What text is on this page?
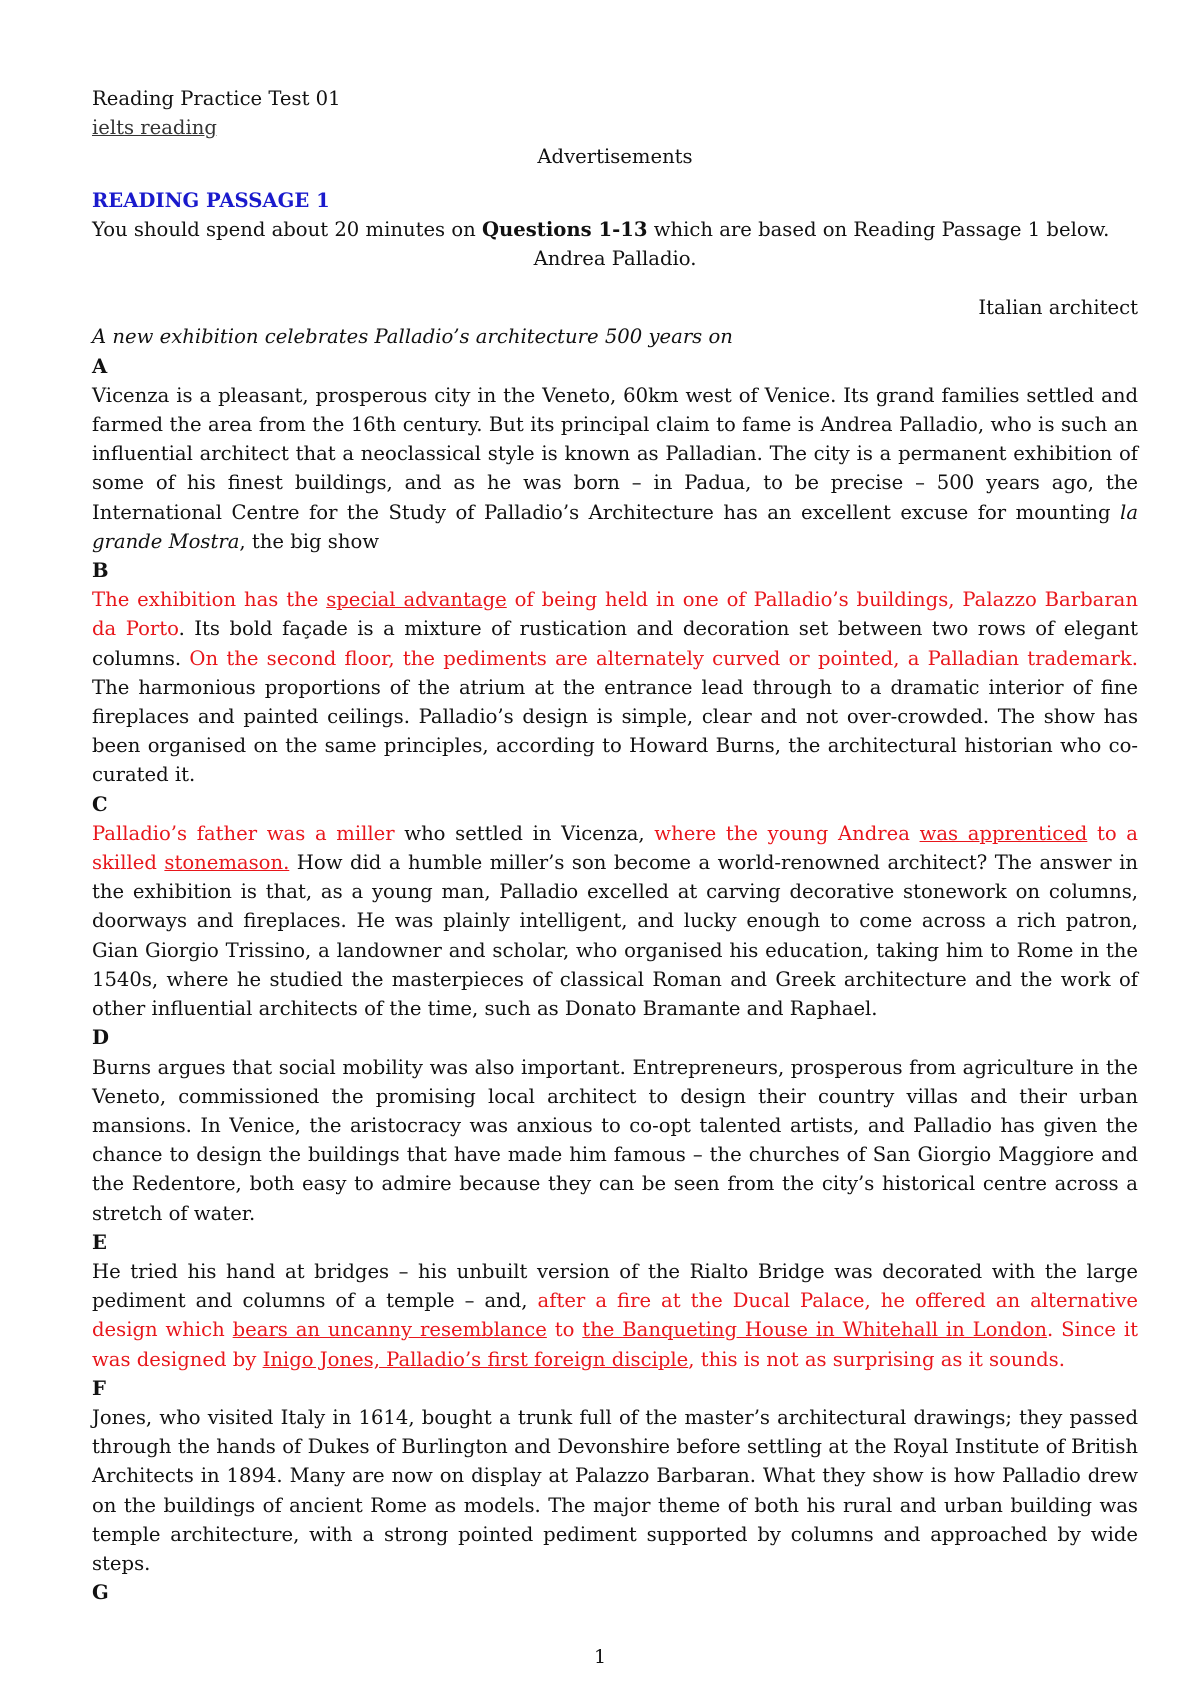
Reading Practice Test 01
ielts reading
Advertisements
READING PASSAGE 1
You should spend about 20 minutes on Questions 1-13 which are based on Reading Passage 1 below.
Andrea Palladio.
Italian architect
A new exhibition celebrates Palladio’s architecture 500 years on
A

Vicenza is a pleasant, prosperous city in the Veneto, 60km west of Venice. Its grand families settled and farmed the area from the 16th century. But its principal claim to fame is Andrea Palladio, who is such an influential architect that a neoclassical style is known as Palladian. The city is a permanent exhibition of some of his finest buildings, and as he was born – in Padua, to be precise – 500 years ago, the International Centre for the Study of Palladio’s Architecture has an excellent excuse for mounting la grande Mostra, the big show

B

The exhibition has the special advantage of being held in one of Palladio’s buildings, Palazzo Barbaran da Porto. Its bold façade is a mixture of rustication and decoration set between two rows of elegant columns. On the second floor, the pediments are alternately curved or pointed, a Palladian trademark. The harmonious proportions of the atrium at the entrance lead through to a dramatic interior of fine fireplaces and painted ceilings. Palladio’s design is simple, clear and not over-crowded. The show has been organised on the same principles, according to Howard Burns, the architectural historian who co-curated it.

C

Palladio’s father was a miller who settled in Vicenza, where the young Andrea was apprenticed to a skilled stonemason. How did a humble miller’s son become a world-renowned architect? The answer in the exhibition is that, as a young man, Palladio excelled at carving decorative stonework on columns, doorways and fireplaces. He was plainly intelligent, and lucky enough to come across a rich patron, Gian Giorgio Trissino, a landowner and scholar, who organised his education, taking him to Rome in the 1540s, where he studied the masterpieces of classical Roman and Greek architecture and the work of other influential architects of the time, such as Donato Bramante and Raphael.

D

Burns argues that social mobility was also important. Entrepreneurs, prosperous from agriculture in the Veneto, commissioned the promising local architect to design their country villas and their urban mansions. In Venice, the aristocracy was anxious to co-opt talented artists, and Palladio has given the chance to design the buildings that have made him famous – the churches of San Giorgio Maggiore and the Redentore, both easy to admire because they can be seen from the city’s historical centre across a stretch of water.

E

He tried his hand at bridges – his unbuilt version of the Rialto Bridge was decorated with the large pediment and columns of a temple – and, after a fire at the Ducal Palace, he offered an alternative design which bears an uncanny resemblance to the Banqueting House in Whitehall in London. Since it was designed by Inigo Jones, Palladio’s first foreign disciple, this is not as surprising as it sounds.

F

Jones, who visited Italy in 1614, bought a trunk full of the master’s architectural drawings; they passed through the hands of Dukes of Burlington and Devonshire before settling at the Royal Institute of British Architects in 1894. Many are now on display at Palazzo Barbaran. What they show is how Palladio drew on the buildings of ancient Rome as models. The major theme of both his rural and urban building was temple architecture, with a strong pointed pediment supported by columns and approached by wide steps.

G
1
